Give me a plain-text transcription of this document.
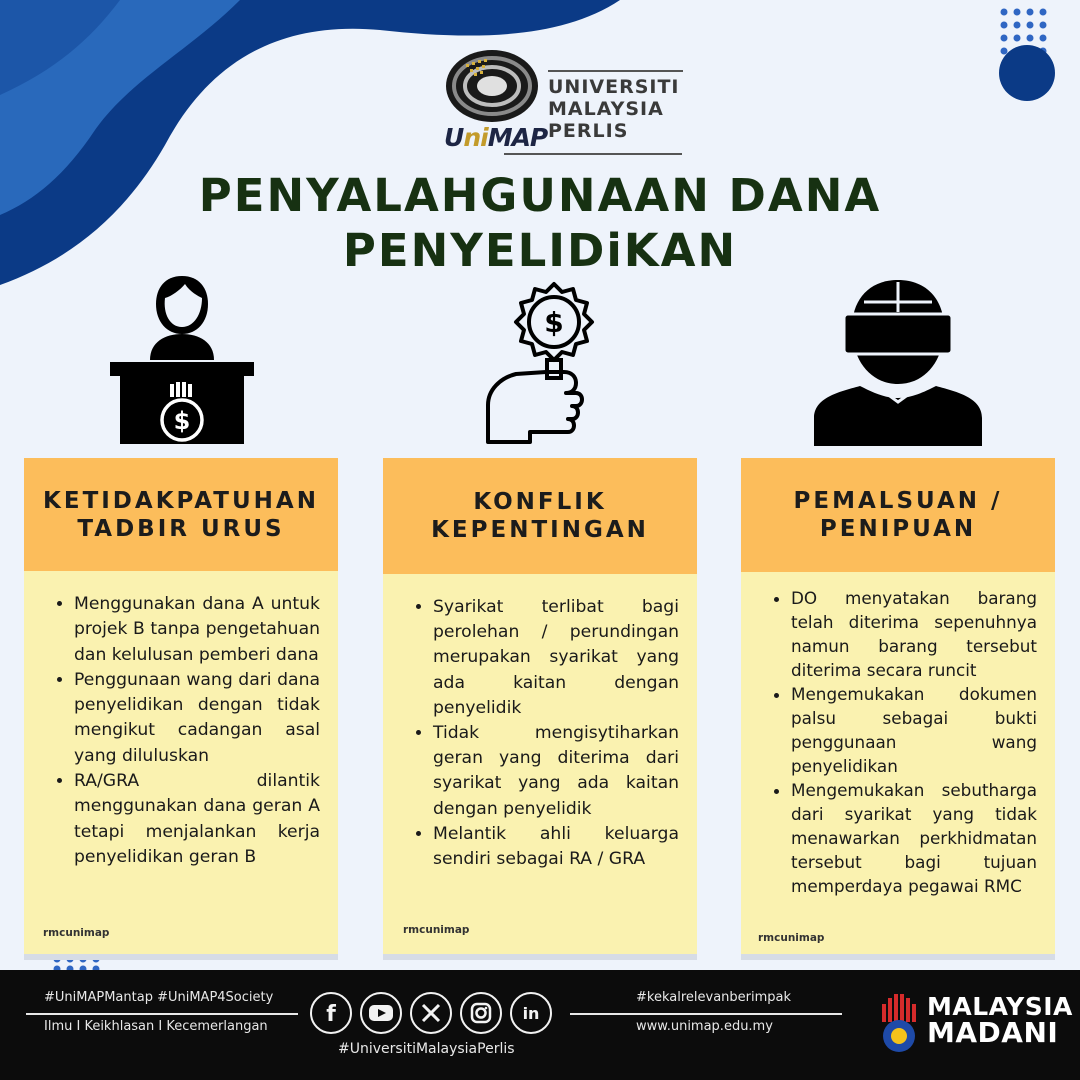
UNIVERSITI
MALAYSIA
PERLIS
UniMAP
PENYALAHGUNAAN DANA
PENYELIDiKAN
$
$
KETIDAKPATUHAN
TADBIR URUS
• Menggunakan dana A untuk projek B tanpa pengetahuan dan kelulusan pemberi dana
• Penggunaan wang dari dana penyelidikan dengan tidak mengikut cadangan asal yang diluluskan
• RA/GRA dilantik menggunakan dana geran A tetapi menjalankan kerja penyelidikan geran B
rmcunimap
KONFLIK
KEPENTINGAN
• Syarikat terlibat bagi perolehan / perundingan merupakan syarikat yang ada kaitan dengan penyelidik
• Tidak mengisytiharkan geran yang diterima dari syarikat yang ada kaitan dengan penyelidik
• Melantik ahli keluarga sendiri sebagai RA / GRA
rmcunimap
PEMALSUAN /
PENIPUAN
• DO menyatakan barang telah diterima sepenuhnya namun barang tersebut diterima secara runcit
• Mengemukakan dokumen palsu sebagai bukti penggunaan wang penyelidikan
• Mengemukakan sebutharga dari syarikat yang tidak menawarkan perkhidmatan tersebut bagi tujuan memperdaya pegawai RMC
rmcunimap
#UniMAPMantap #UniMAP4Society
Ilmu I Keikhlasan I Kecemerlangan	f	in
#UniversitiMalaysiaPerlis
#kekalrelevanberimpak
www.unimap.edu.my
MALAYSIA
MADANI
